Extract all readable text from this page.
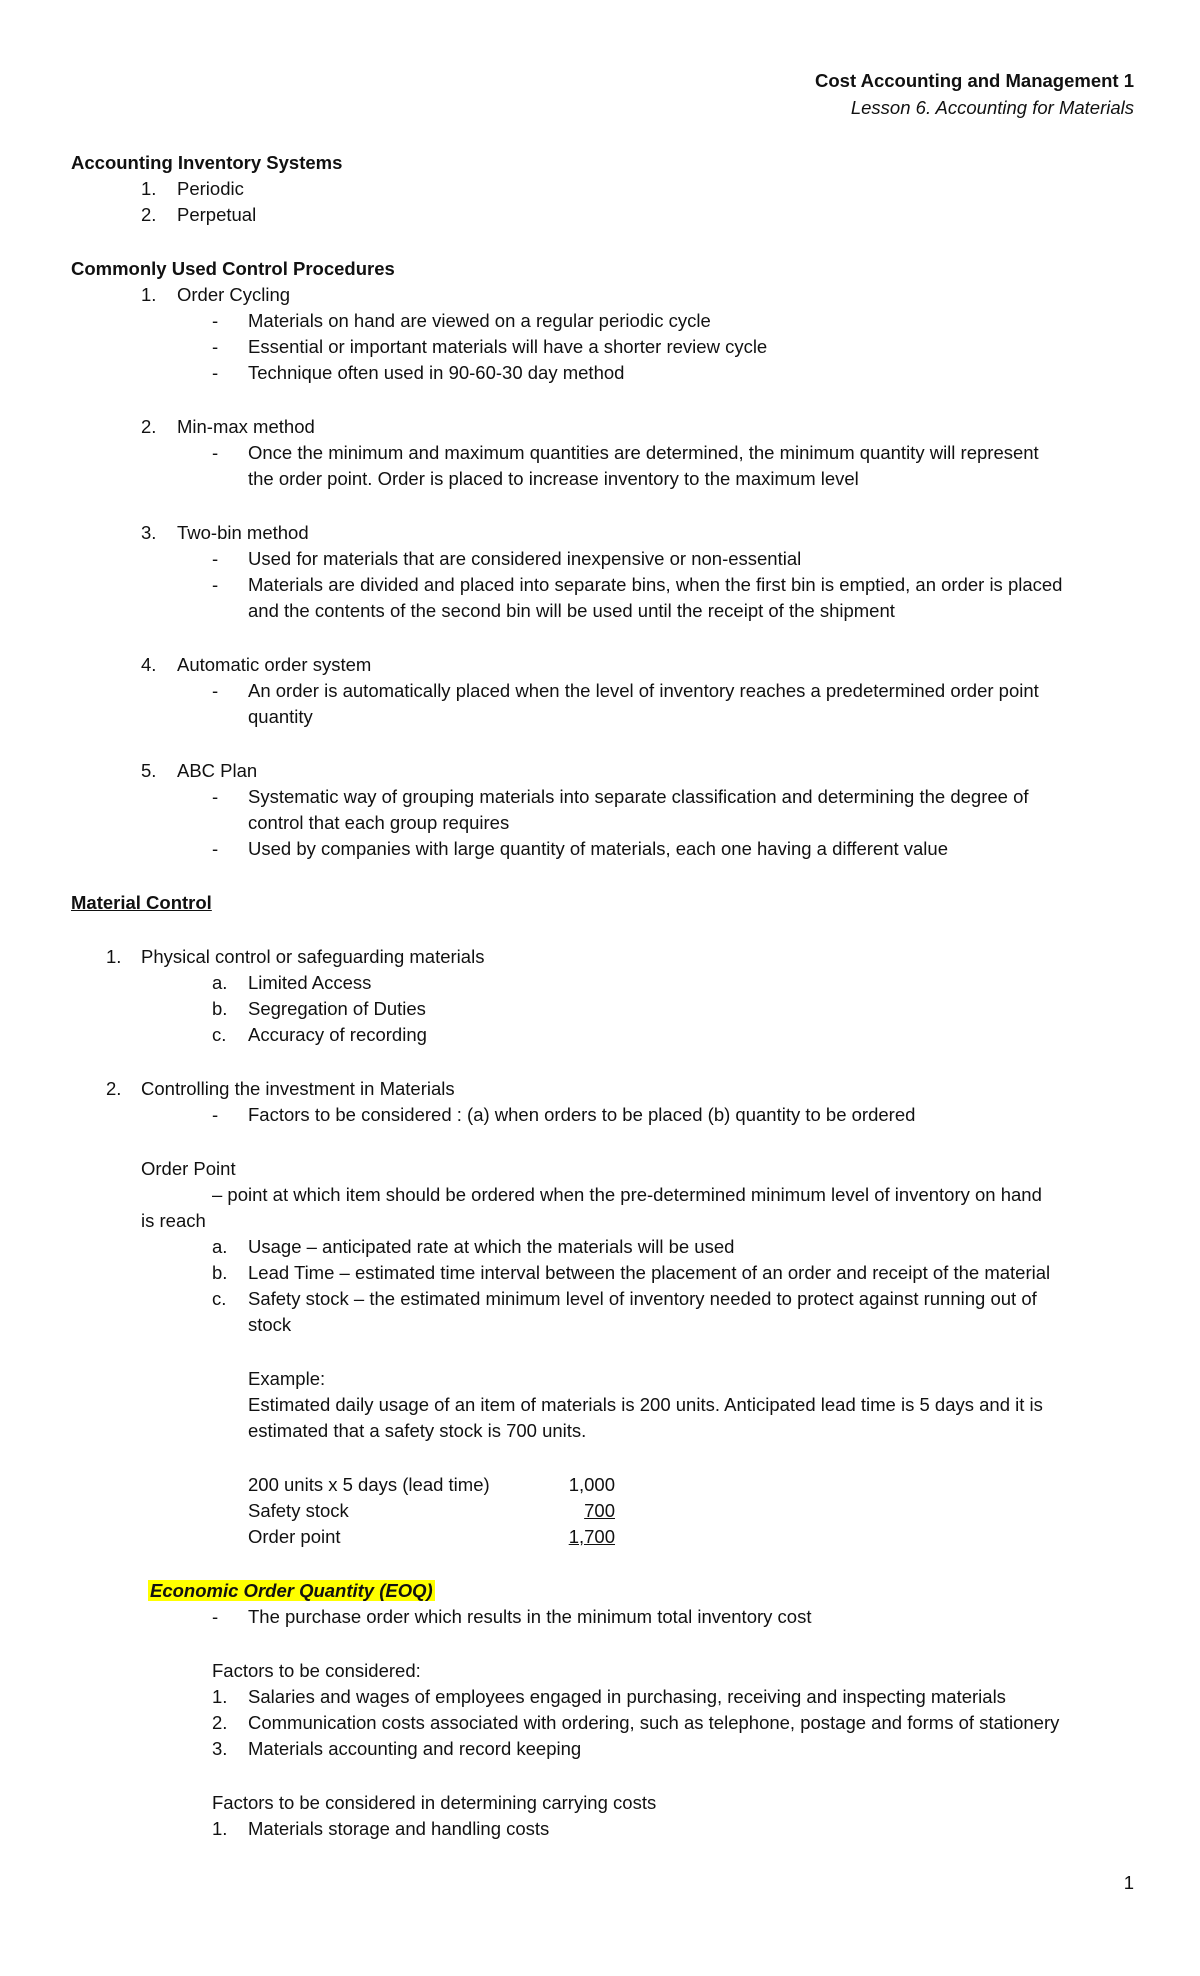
Cost Accounting and Management 1
Lesson 6. Accounting for Materials
Accounting Inventory Systems
1. Periodic
2. Perpetual
Commonly Used Control Procedures
1. Order Cycling
- Materials on hand are viewed on a regular periodic cycle
- Essential or important materials will have a shorter review cycle
- Technique often used in 90-60-30 day method
2. Min-max method
- Once the minimum and maximum quantities are determined, the minimum quantity will represent
the order point. Order is placed to increase inventory to the maximum level
3. Two-bin method
- Used for materials that are considered inexpensive or non-essential
- Materials are divided and placed into separate bins, when the first bin is emptied, an order is placed
and the contents of the second bin will be used until the receipt of the shipment
4. Automatic order system
- An order is automatically placed when the level of inventory reaches a predetermined order point
quantity
5. ABC Plan
- Systematic way of grouping materials into separate classification and determining the degree of
control that each group requires
- Used by companies with large quantity of materials, each one having a different value
Material Control
1. Physical control or safeguarding materials
a. Limited Access
b. Segregation of Duties
c. Accuracy of recording
2. Controlling the investment in Materials
- Factors to be considered : (a) when orders to be placed (b) quantity to be ordered
Order Point
– point at which item should be ordered when the pre-determined minimum level of inventory on hand
is reach
a. Usage – anticipated rate at which the materials will be used
b. Lead Time – estimated time interval between the placement of an order and receipt of the material
c. Safety stock – the estimated minimum level of inventory needed to protect against running out of
stock
Example:
Estimated daily usage of an item of materials is 200 units. Anticipated lead time is 5 days and it is
estimated that a safety stock is 700 units.
200 units x 5 days (lead time)	1,000
Safety stock	700
Order point	1,700
Economic Order Quantity (EOQ)
- The purchase order which results in the minimum total inventory cost
Factors to be considered:
1. Salaries and wages of employees engaged in purchasing, receiving and inspecting materials
2. Communication costs associated with ordering, such as telephone, postage and forms of stationery
3. Materials accounting and record keeping
Factors to be considered in determining carrying costs
1. Materials storage and handling costs
1
